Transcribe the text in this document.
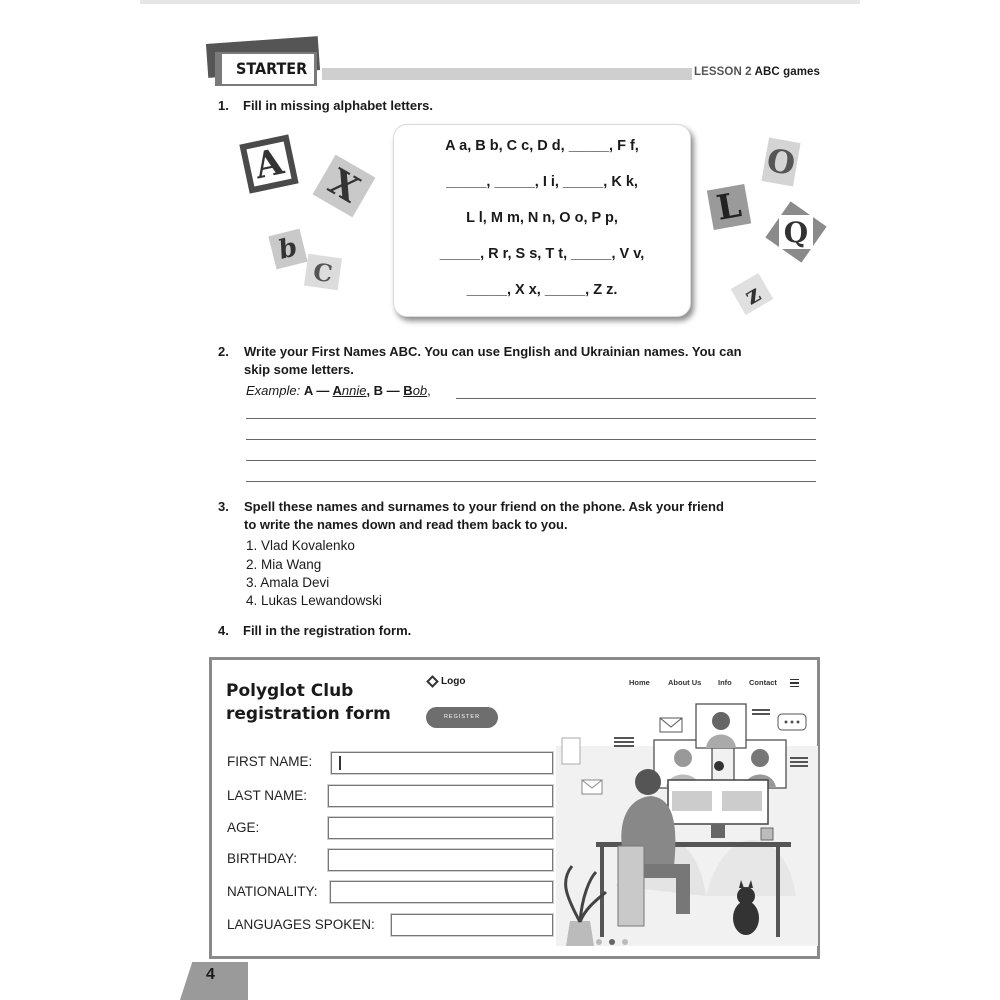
STARTER	LESSON 2 ABC games
1. Fill in missing alphabet letters.
A X
b
C
O
L
Q
z
A a, B b, C c, D d, _____, F f,
_____, _____, I i, _____, K k,
L l, M m, N n, O o, P p,
_____, R r, S s, T t, _____, V v,
_____, X x, _____, Z z.
2. Write your First Names ABC. You can use English and Ukrainian names. You can
skip some letters.
Example: A — Annie, B — Bob,
3. Spell these names and surnames to your friend on the phone. Ask your friend
to write the names down and read them back to you.
1. Vlad Kovalenko
2. Mia Wang
3. Amala Devi
4. Lukas Lewandowski
4. Fill in the registration form.
Polyglot Club
registration form
Logo
REGISTER
Home About Us Info Contact
FIRST NAME:
LAST NAME:
AGE:
BIRTHDAY:
NATIONALITY:
LANGUAGES SPOKEN:
4
